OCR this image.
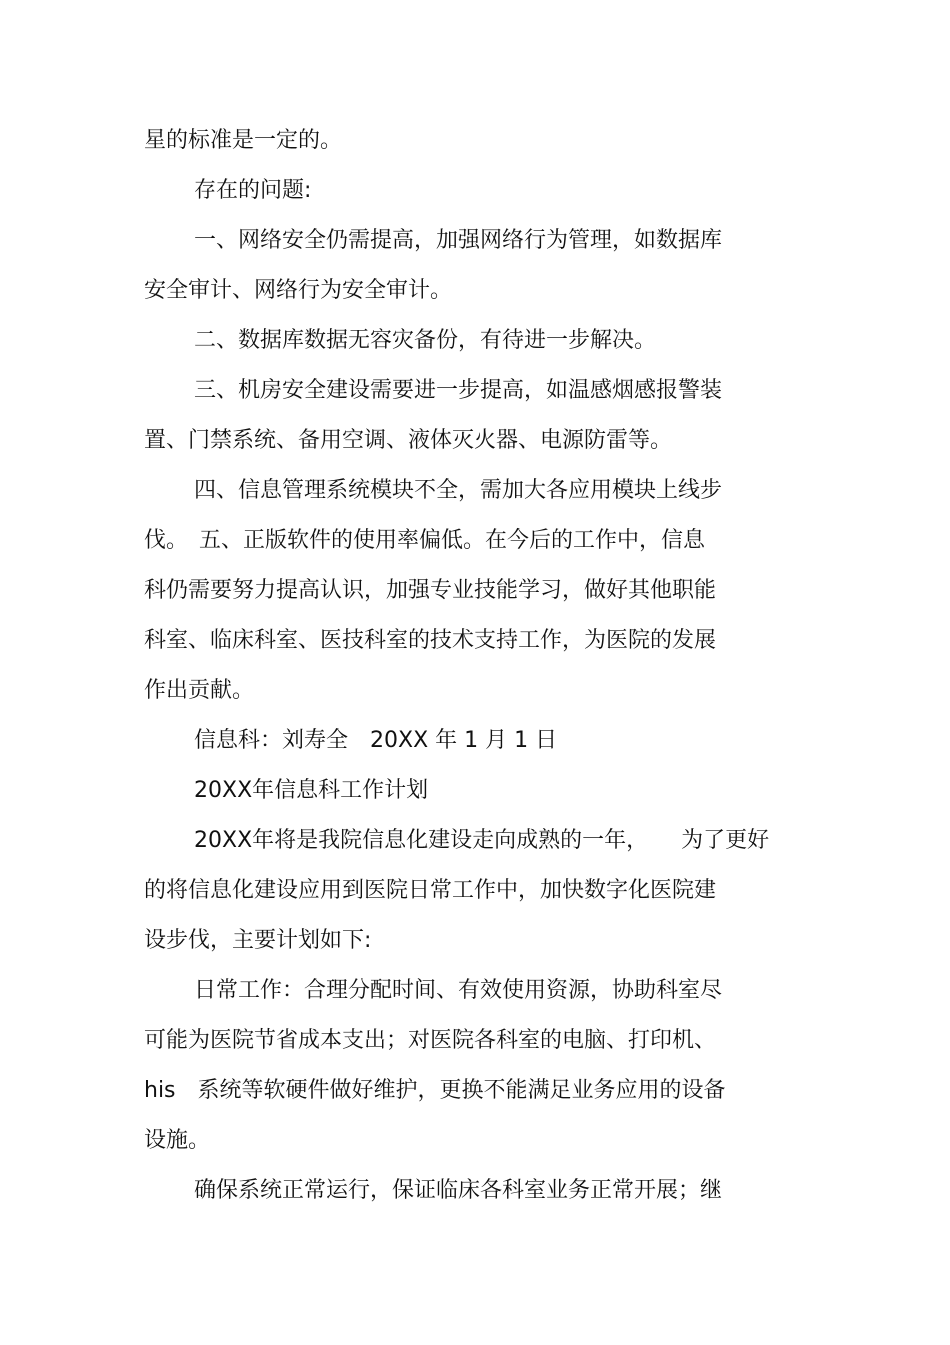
星的标准是一定的。
存在的问题:
一、网络安全仍需提高，加强网络行为管理，如数据库
安全审计、网络行为安全审计。
二、数据库数据无容灾备份，有待进一步解决。
三、机房安全建设需要进一步提高，如温感烟感报警装
置、门禁系统、备用空调、液体灭火器、电源防雷等。
四、信息管理系统模块不全，需加大各应用模块上线步
伐。　五、正版软件的使用率偏低。在今后的工作中，信息
科仍需要努力提高认识，加强专业技能学习，做好其他职能
科室、临床科室、医技科室的技术支持工作，为医院的发展
作出贡献。
信息科：刘寿全　20XX 年 1 月 1 日
20XX年信息科工作计划
20XX年将是我院信息化建设走向成熟的一年，　　为了更好
的将信息化建设应用到医院日常工作中，加快数字化医院建
设步伐，主要计划如下:
日常工作：合理分配时间、有效使用资源，协助科室尽
可能为医院节省成本支出；对医院各科室的电脑、打印机、
his　系统等软硬件做好维护，更换不能满足业务应用的设备
设施。
确保系统正常运行，保证临床各科室业务正常开展；继
